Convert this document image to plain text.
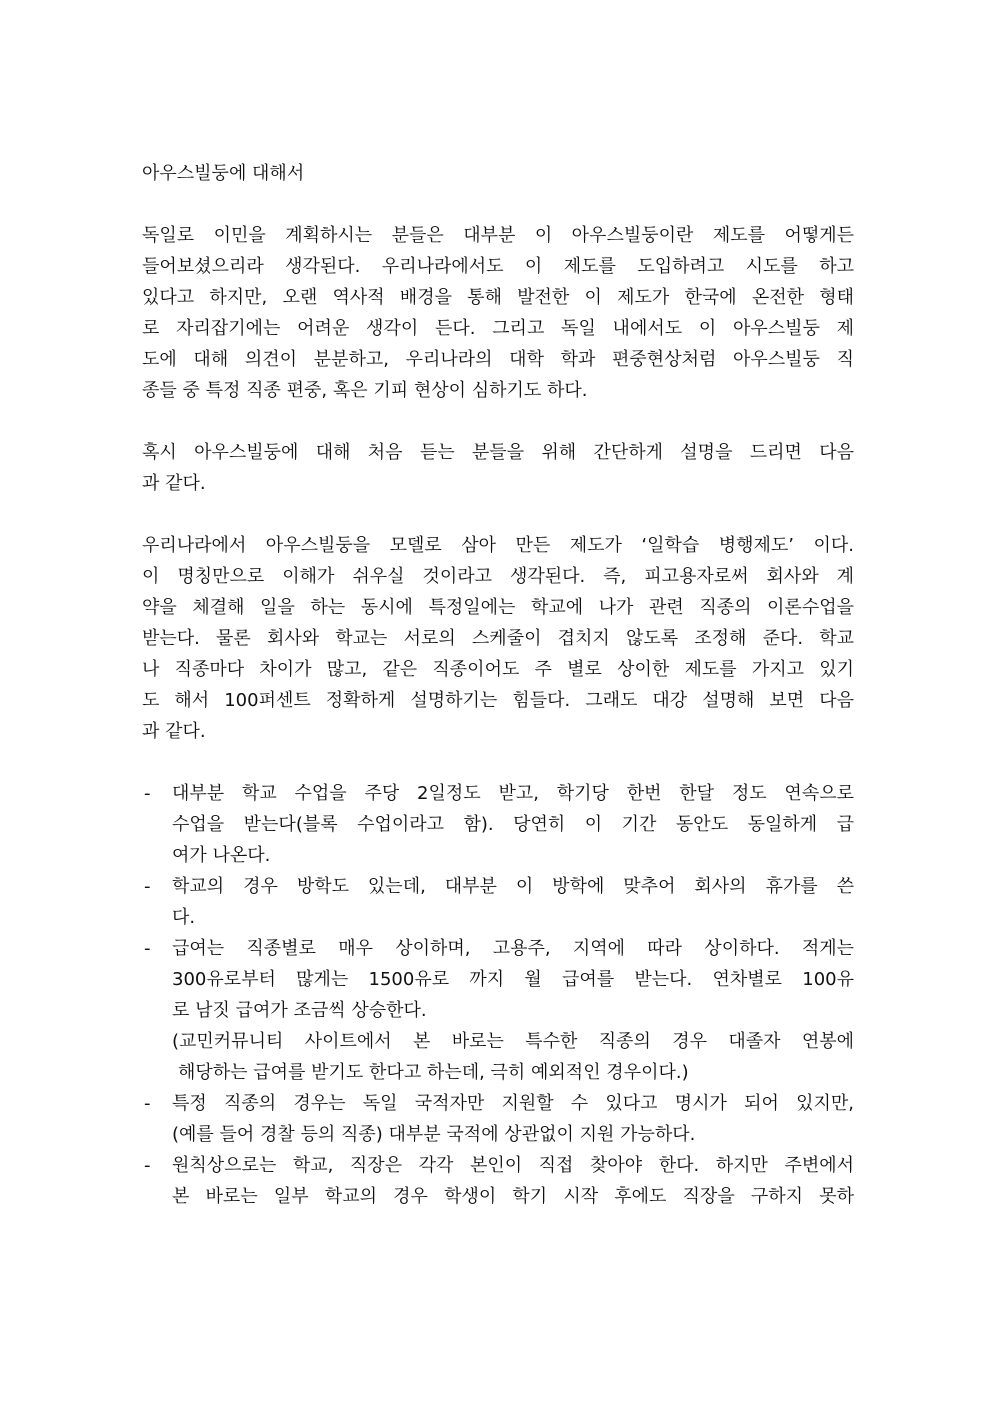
아우스빌둥에 대해서
독일로 이민을 계획하시는 분들은 대부분 이 아우스빌둥이란 제도를 어떻게든
들어보셨으리라 생각된다. 우리나라에서도 이 제도를 도입하려고 시도를 하고
있다고 하지만, 오랜 역사적 배경을 통해 발전한 이 제도가 한국에 온전한 형태
로 자리잡기에는 어려운 생각이 든다. 그리고 독일 내에서도 이 아우스빌둥 제
도에 대해 의견이 분분하고, 우리나라의 대학 학과 편중현상처럼 아우스빌둥 직
종들 중 특정 직종 편중, 혹은 기피 현상이 심하기도 하다.
혹시 아우스빌둥에 대해 처음 듣는 분들을 위해 간단하게 설명을 드리면 다음
과 같다.
우리나라에서 아우스빌둥을 모델로 삼아 만든 제도가 ‘일학습 병행제도’ 이다.
이 명칭만으로 이해가 쉬우실 것이라고 생각된다. 즉, 피고용자로써 회사와 계
약을 체결해 일을 하는 동시에 특정일에는 학교에 나가 관련 직종의 이론수업을
받는다. 물론 회사와 학교는 서로의 스케줄이 겹치지 않도록 조정해 준다. 학교
나 직종마다 차이가 많고, 같은 직종이어도 주 별로 상이한 제도를 가지고 있기
도 해서 100퍼센트 정확하게 설명하기는 힘들다. 그래도 대강 설명해 보면 다음
과 같다.
- 대부분 학교 수업을 주당 2일정도 받고, 학기당 한번 한달 정도 연속으로
수업을 받는다(블록 수업이라고 함). 당연히 이 기간 동안도 동일하게 급
여가 나온다.
- 학교의 경우 방학도 있는데, 대부분 이 방학에 맞추어 회사의 휴가를 쓴
다.
- 급여는 직종별로 매우 상이하며, 고용주, 지역에 따라 상이하다. 적게는
300유로부터 많게는 1500유로 까지 월 급여를 받는다. 연차별로 100유
로 남짓 급여가 조금씩 상승한다.
(교민커뮤니티 사이트에서 본 바로는 특수한 직종의 경우 대졸자 연봉에
해당하는 급여를 받기도 한다고 하는데, 극히 예외적인 경우이다.)
- 특정 직종의 경우는 독일 국적자만 지원할 수 있다고 명시가 되어 있지만,
(예를 들어 경찰 등의 직종) 대부분 국적에 상관없이 지원 가능하다.
- 원칙상으로는 학교, 직장은 각각 본인이 직접 찾아야 한다. 하지만 주변에서
본 바로는 일부 학교의 경우 학생이 학기 시작 후에도 직장을 구하지 못하
